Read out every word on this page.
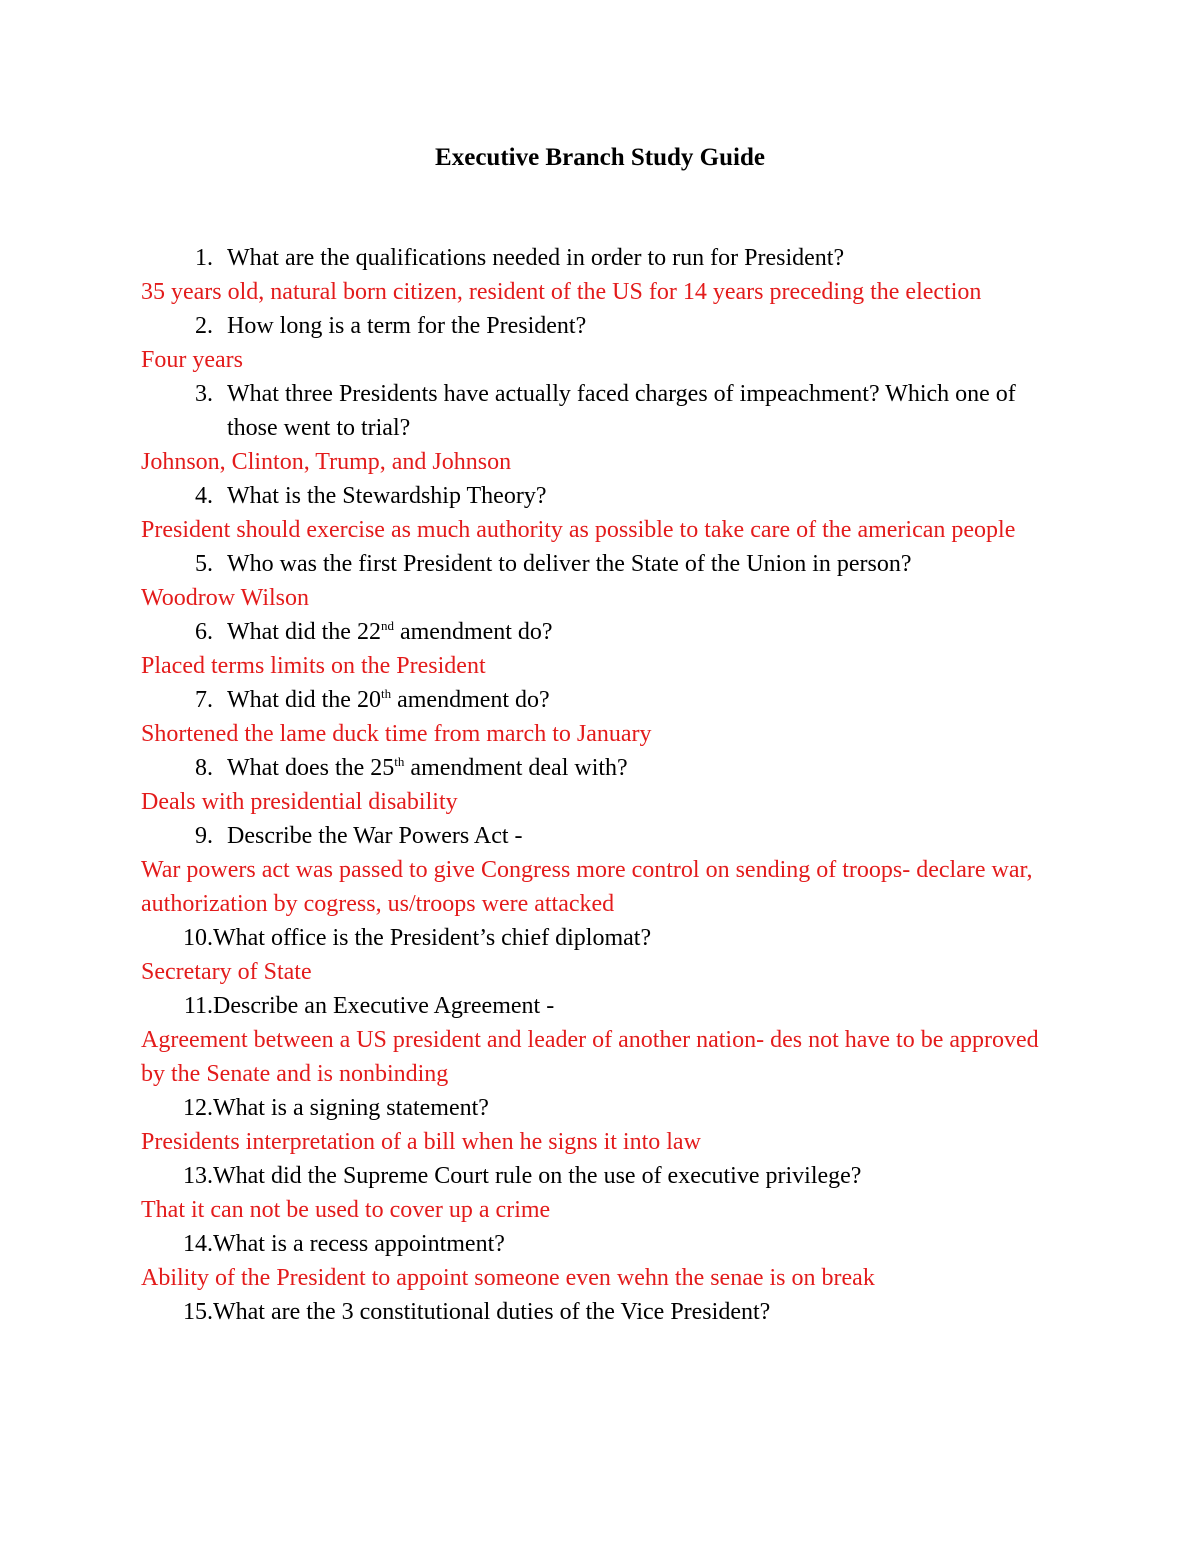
Executive Branch Study Guide
1. What are the qualifications needed in order to run for President?
35 years old, natural born citizen, resident of the US for 14 years preceding the election
2. How long is a term for the President?
Four years
3. What three Presidents have actually faced charges of impeachment? Which one of those went to trial?
Johnson, Clinton, Trump, and Johnson
4. What is the Stewardship Theory?
President should exercise as much authority as possible to take care of the american people
5. Who was the first President to deliver the State of the Union in person?
Woodrow Wilson
6. What did the 22nd amendment do?
Placed terms limits on the President
7. What did the 20th amendment do?
Shortened the lame duck time from march to January
8. What does the 25th amendment deal with?
Deals with presidential disability
9. Describe the War Powers Act -
War powers act was passed to give Congress more control on sending of troops- declare war, authorization by cogress, us/troops were attacked
10. What office is the President’s chief diplomat?
Secretary of State
11. Describe an Executive Agreement -
Agreement between a US president and leader of another nation- des not have to be approved by the Senate and is nonbinding
12. What is a signing statement?
Presidents interpretation of a bill when he signs it into law
13. What did the Supreme Court rule on the use of executive privilege?
That it can not be used to cover up a crime
14. What is a recess appointment?
Ability of the President to appoint someone even wehn the senae is on break
15. What are the 3 constitutional duties of the Vice President?
